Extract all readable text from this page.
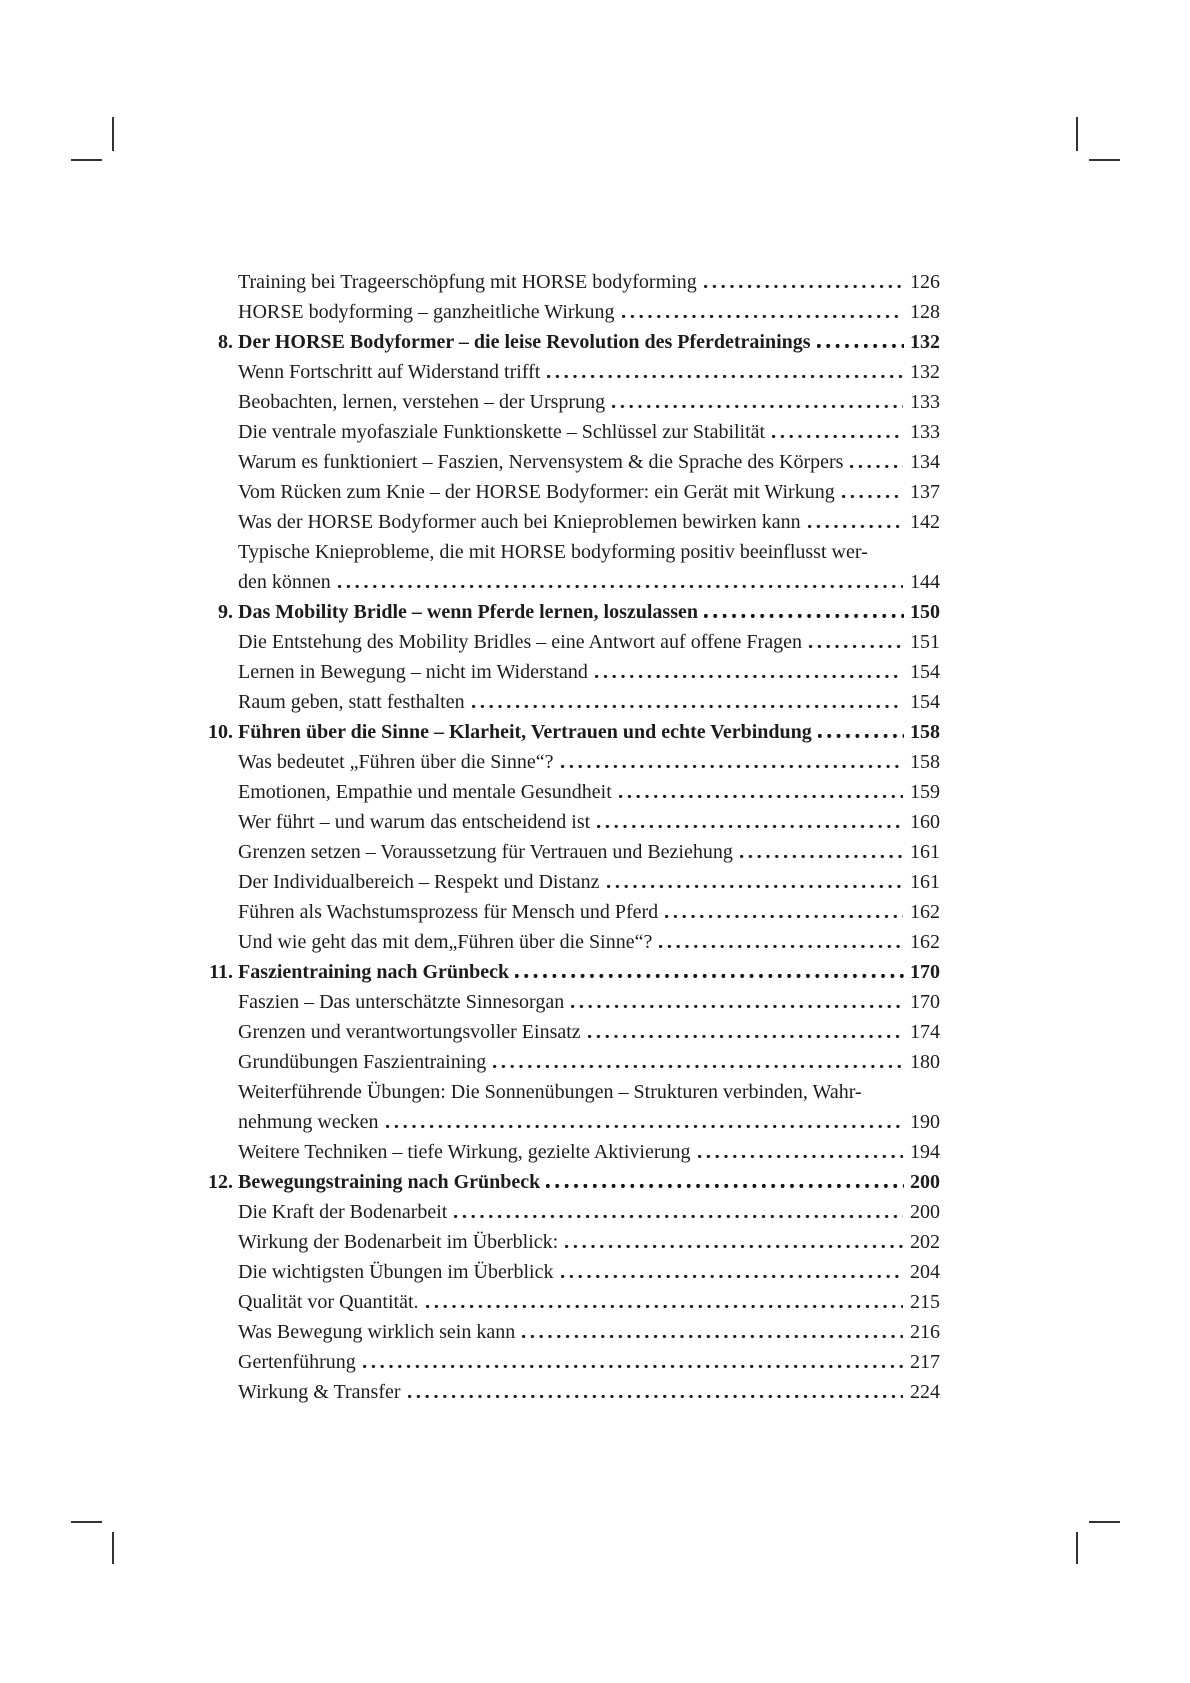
Training bei Trageerschöpfung mit HORSE bodyforming	126
HORSE bodyforming – ganzheitliche Wirkung	128
8. Der HORSE Bodyformer – die leise Revolution des Pferdetrainings	132
Wenn Fortschritt auf Widerstand trifft	132
Beobachten, lernen, verstehen – der Ursprung	133
Die ventrale myofasziale Funktionskette – Schlüssel zur Stabilität	133
Warum es funktioniert – Faszien, Nervensystem & die Sprache des Körpers	134
Vom Rücken zum Knie – der HORSE Bodyformer: ein Gerät mit Wirkung	137
Was der HORSE Bodyformer auch bei Knieproblemen bewirken kann	142
Typische Knieprobleme, die mit HORSE bodyforming positiv beeinflusst wer-
den können	144
9. Das Mobility Bridle – wenn Pferde lernen, loszulassen	150
Die Entstehung des Mobility Bridles – eine Antwort auf offene Fragen	151
Lernen in Bewegung – nicht im Widerstand	154
Raum geben, statt festhalten	154
10. Führen über die Sinne – Klarheit, Vertrauen und echte Verbindung	158
Was bedeutet „Führen über die Sinne“?	158
Emotionen, Empathie und mentale Gesundheit	159
Wer führt – und warum das entscheidend ist	160
Grenzen setzen – Voraussetzung für Vertrauen und Beziehung	161
Der Individualbereich – Respekt und Distanz	161
Führen als Wachstumsprozess für Mensch und Pferd	162
Und wie geht das mit dem„Führen über die Sinne“?	162
11. Faszientraining nach Grünbeck	170
Faszien – Das unterschätzte Sinnesorgan	170
Grenzen und verantwortungsvoller Einsatz	174
Grundübungen Faszientraining	180
Weiterführende Übungen: Die Sonnenübungen – Strukturen verbinden, Wahr-
nehmung wecken	190
Weitere Techniken – tiefe Wirkung, gezielte Aktivierung	194
12. Bewegungstraining nach Grünbeck	200
Die Kraft der Bodenarbeit	200
Wirkung der Bodenarbeit im Überblick:	202
Die wichtigsten Übungen im Überblick	204
Qualität vor Quantität.	215
Was Bewegung wirklich sein kann	216
Gertenführung	217
Wirkung & Transfer	224
